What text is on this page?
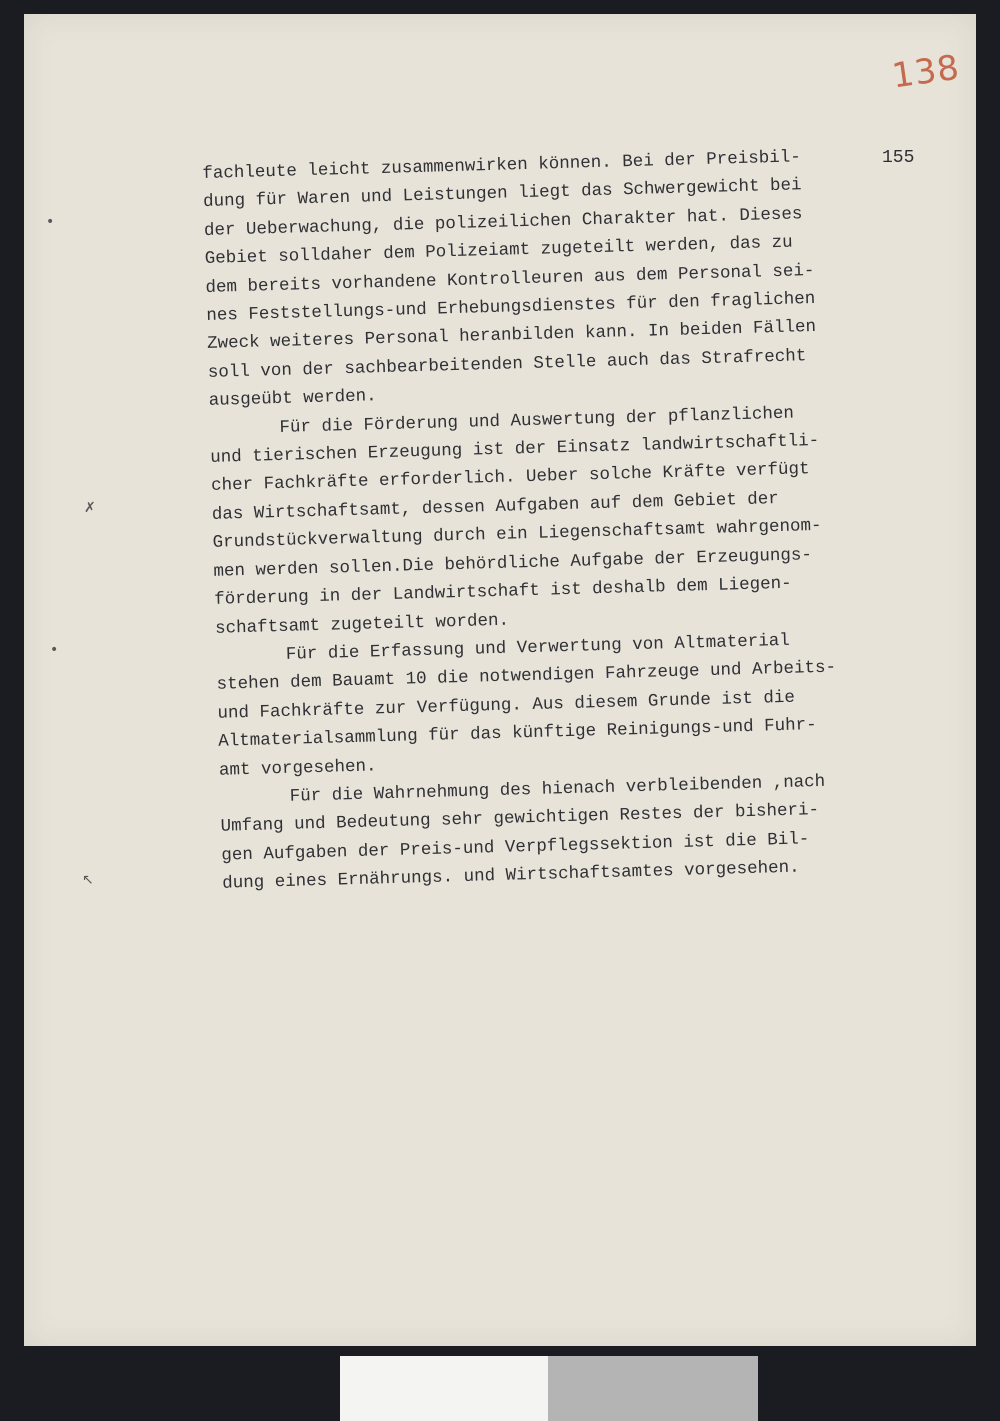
138
155
•
✗
•
↖
fachleute leicht zusammenwirken können. Bei der Preisbil-
dung für Waren und Leistungen liegt das Schwergewicht bei
der Ueberwachung, die polizeilichen Charakter hat. Dieses
Gebiet solldaher dem Polizeiamt zugeteilt werden, das zu
dem bereits vorhandene Kontrolleuren aus dem Personal sei-
nes Feststellungs-und Erhebungsdienstes für den fraglichen
Zweck weiteres Personal heranbilden kann. In beiden Fällen
soll von der sachbearbeitenden Stelle auch das Strafrecht
ausgeübt werden.
Für die Förderung und Auswertung der pflanzlichen
und tierischen Erzeugung ist der Einsatz landwirtschaftli-
cher Fachkräfte erforderlich. Ueber solche Kräfte verfügt
das Wirtschaftsamt, dessen Aufgaben auf dem Gebiet der
Grundstückverwaltung durch ein Liegenschaftsamt wahrgenom-
men werden sollen.Die behördliche Aufgabe der Erzeugungs-
förderung in der Landwirtschaft ist deshalb dem Liegen-
schaftsamt zugeteilt worden.
Für die Erfassung und Verwertung von Altmaterial
stehen dem Bauamt 10 die notwendigen Fahrzeuge und Arbeits-
und Fachkräfte zur Verfügung. Aus diesem Grunde ist die
Altmaterialsammlung für das künftige Reinigungs-und Fuhr-
amt vorgesehen.
Für die Wahrnehmung des hienach verbleibenden ,nach
Umfang und Bedeutung sehr gewichtigen Restes der bisheri-
gen Aufgaben der Preis-und Verpflegssektion ist die Bil-
dung eines Ernährungs. und Wirtschaftsamtes vorgesehen.
